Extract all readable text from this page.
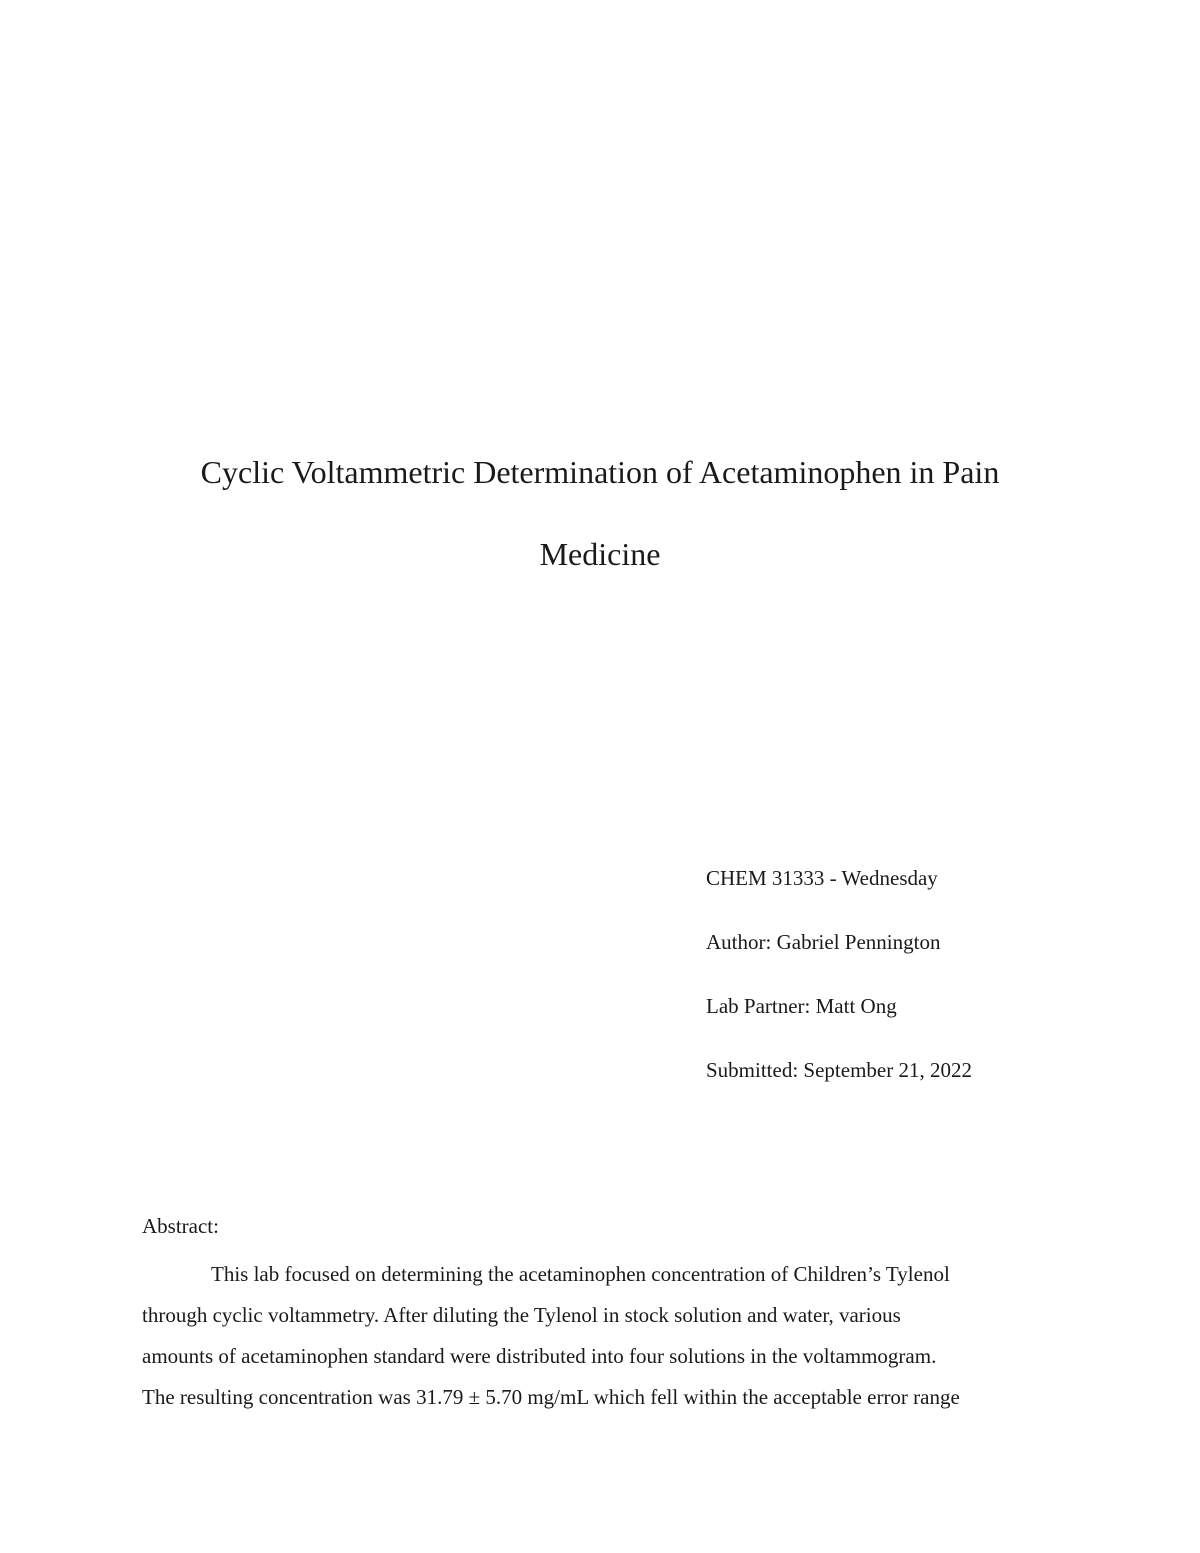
Cyclic Voltammetric Determination of Acetaminophen in Pain
Medicine
CHEM 31333 - Wednesday
Author: Gabriel Pennington
Lab Partner: Matt Ong
Submitted: September 21, 2022
Abstract:
This lab focused on determining the acetaminophen concentration of Children’s Tylenol
through cyclic voltammetry. After diluting the Tylenol in stock solution and water, various
amounts of acetaminophen standard were distributed into four solutions in the voltammogram.
The resulting concentration was 31.79 ± 5.70 mg/mL which fell within the acceptable error range
